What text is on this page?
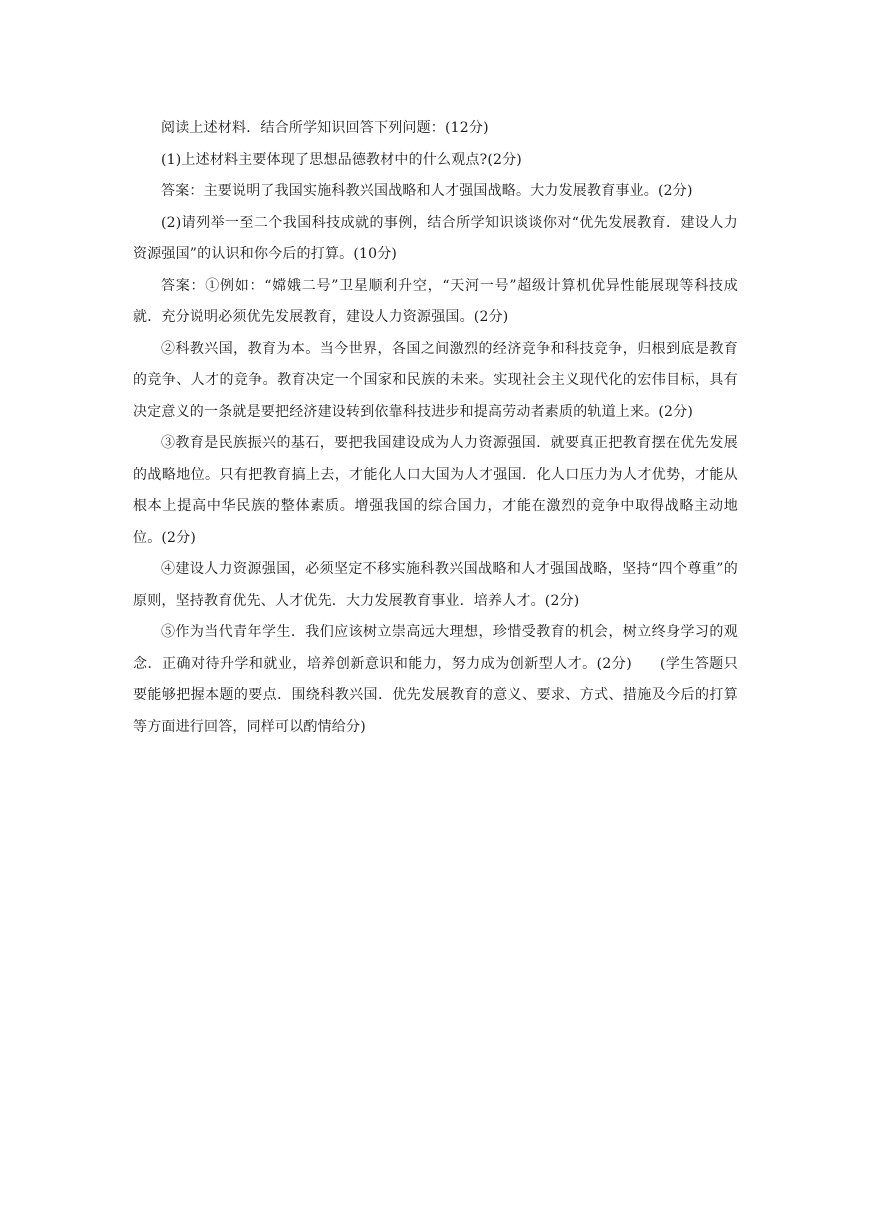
阅读上述材料．结合所学知识回答下列问题：(12分)

(1)上述材料主要体现了思想品德教材中的什么观点?(2分)

答案：主要说明了我国实施科教兴国战略和人才强国战略。大力发展教育事业。(2分)

(2)请列举一至二个我国科技成就的事例，结合所学知识谈谈你对“优先发展教育．建设人力资源强国”的认识和你今后的打算。(10分)

答案：①例如：“嫦娥二号”卫星顺利升空，“天河一号”超级计算机优异性能展现等科技成就．充分说明必须优先发展教育，建设人力资源强国。(2分)

②科教兴国，教育为本。当今世界，各国之间激烈的经济竞争和科技竞争，归根到底是教育的竞争、人才的竞争。教育决定一个国家和民族的未来。实现社会主义现代化的宏伟目标，具有决定意义的一条就是要把经济建设转到依靠科技进步和提高劳动者素质的轨道上来。(2分)

③教育是民族振兴的基石，要把我国建设成为人力资源强国．就要真正把教育摆在优先发展的战略地位。只有把教育搞上去，才能化人口大国为人才强国．化人口压力为人才优势，才能从根本上提高中华民族的整体素质。增强我国的综合国力，才能在激烈的竞争中取得战略主动地位。(2分)

④建设人力资源强国，必须坚定不移实施科教兴国战略和人才强国战略，坚持“四个尊重”的原则，坚持教育优先、人才优先．大力发展教育事业．培养人才。(2分)

⑤作为当代青年学生．我们应该树立崇高远大理想，珍惜受教育的机会，树立终身学习的观念．正确对待升学和就业，培养创新意识和能力，努力成为创新型人才。(2分) (学生答题只要能够把握本题的要点．围绕科教兴国．优先发展教育的意义、要求、方式、措施及今后的打算等方面进行回答，同样可以酌情给分)
